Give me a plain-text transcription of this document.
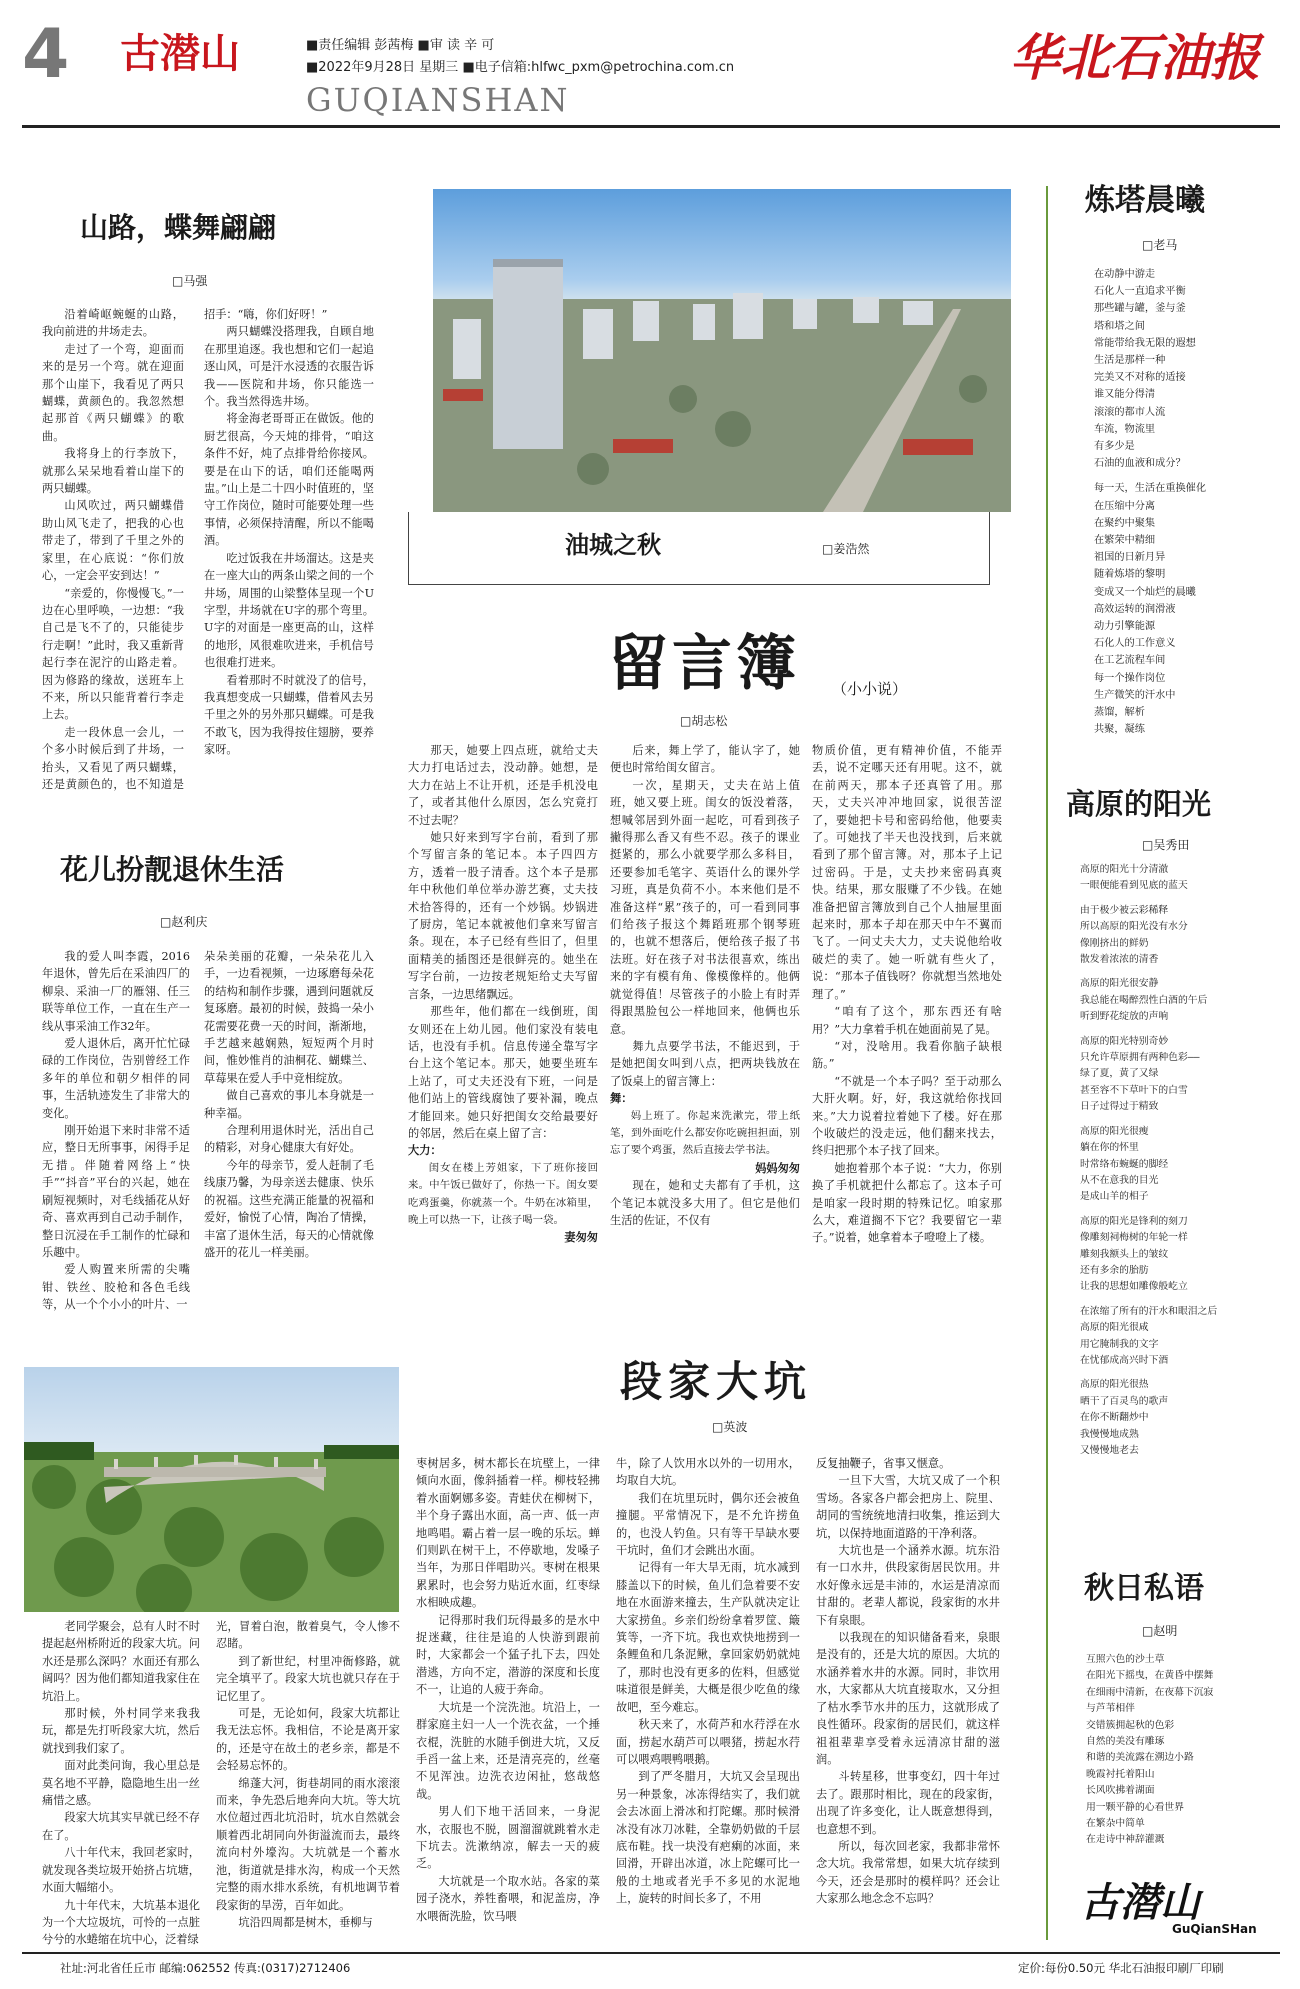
4 古潜山	■责任编辑 彭茜梅 ■审 读 辛 可
■2022年9月28日 星期三 ■电子信箱:hlfwc_pxm@petrochina.com.cn
GUQIANSHAN
华北石油报
山路，蝶舞翩翩
□马强

沿着崎岖蜿蜒的山路，我向前进的井场走去。

走过了一个弯，迎面而来的是另一个弯。就在迎面那个山崖下，我看见了两只蝴蝶，黄颜色的。我忽然想起那首《两只蝴蝶》的歌曲。

我将身上的行李放下，就那么呆呆地看着山崖下的两只蝴蝶。

山风吹过，两只蝴蝶借助山风飞走了，把我的心也带走了，带到了千里之外的家里，在心底说：“你们放心，一定会平安到达！”

“亲爱的，你慢慢飞。”一边在心里呼唤，一边想：“我自己是飞不了的，只能徒步行走啊！”此时，我又重新背起行李在泥泞的山路走着。因为修路的缘故，送班车上不来，所以只能背着行李走上去。

走一段休息一会儿，一个多小时候后到了井场，一抬头，又看见了两只蝴蝶，还是黄颜色的，也不知道是

招手：“嗨，你们好呀！”

两只蝴蝶没搭理我，自顾自地在那里追逐。我也想和它们一起追逐山风，可是汗水浸透的衣服告诉我——医院和井场，你只能选一个。我当然得选井场。

将金海老哥哥正在做饭。他的厨艺很高，今天炖的排骨，“咱这条件不好，炖了点排骨给你接风。要是在山下的话，咱们还能喝两盅。”山上是二十四小时值班的，坚守工作岗位，随时可能要处理一些事情，必须保持清醒，所以不能喝酒。

吃过饭我在井场溜达。这是夹在一座大山的两条山梁之间的一个井场，周围的山梁整体呈现一个U字型，井场就在U字的那个弯里。U字的对面是一座更高的山，这样的地形，风很难吹进来，手机信号也很难打进来。

看着那时不时就没了的信号，我真想变成一只蝴蝶，借着风去另千里之外的另外那只蝴蝶。可是我不敢飞，因为我得按住翅膀，要养家呀。

花儿扮靓退休生活
□赵利庆

我的爱人叫李霞，2016年退休，曾先后在采油四厂的柳泉、采油一厂的雁翎、任三联等单位工作，一直在生产一线从事采油工作32年。

爱人退休后，离开忙忙碌碌的工作岗位，告别曾经工作多年的单位和朝夕相伴的同事，生活轨迹发生了非常大的变化。

刚开始退下来时非常不适应，整日无所事事，闲得手足无措。伴随着网络上“快手”“抖音”平台的兴起，她在刷短视频时，对毛线插花从好奇、喜欢再到自己动手制作，整日沉浸在手工制作的忙碌和乐趣中。

爱人购置来所需的尖嘴钳、铁丝、胶枪和各色毛线等，从一个个小小的叶片、一

朵朵美丽的花瓣，一朵朵花儿入手，一边看视频，一边琢磨每朵花的结构和制作步骤，遇到问题就反复琢磨。最初的时候，鼓捣一朵小花需要花费一天的时间，渐渐地，手艺越来越娴熟，短短两个月时间，惟妙惟肖的油桐花、蝴蝶兰、草莓果在爱人手中竞相绽放。

做自己喜欢的事儿本身就是一种幸福。

合理利用退休时光，活出自己的精彩，对身心健康大有好处。

今年的母亲节，爱人赶制了毛线康乃馨，为母亲送去健康、快乐的祝福。这些充满正能量的祝福和爱好，愉悦了心情，陶冶了情操，丰富了退休生活，每天的心情就像盛开的花儿一样美丽。

油城之秋	□姜浩然
留言簿 （小小说）
□胡志松

那天，她要上四点班，就给丈夫大力打电话过去，没动静。她想，是大力在站上不让开机，还是手机没电了，或者其他什么原因，怎么究竟打不过去呢？

她只好来到写字台前，看到了那个写留言条的笔记本。本子四四方方，透着一股子清香。这个本子是那年中秋他们单位举办游艺赛，丈夫技术拾答得的，还有一个炒锅。炒锅进了厨房，笔记本就被他们拿来写留言条。现在，本子已经有些旧了，但里面精美的插图还是很鲜亮的。她坐在写字台前，一边按老规矩给丈夫写留言条，一边思绪飘远。

那些年，他们都在一线倒班，闺女则还在上幼儿园。他们家没有装电话，也没有手机。信息传递全靠写字台上这个笔记本。那天，她要坐班车上站了，可丈夫还没有下班，一问是他们站上的管线腐蚀了要补漏，晚点才能回来。她只好把闺女交给最要好的邻居，然后在桌上留了言：

大力：

闺女在楼上芳姐家，下了班你接回来。中午饭已做好了，你热一下。闺女要吃鸡蛋羹，你就蒸一个。牛奶在冰箱里，晚上可以热一下，让孩子喝一袋。

妻匆匆

后来，舞上学了，能认字了，她便也时常给闺女留言。

一次，星期天，丈夫在站上值班，她又要上班。闺女的饭没着落，想喊邻居到外面一起吃，可看到孩子撇得那么香又有些不忍。孩子的课业挺紧的，那么小就要学那么多科目，还要参加毛笔字、英语什么的课外学习班，真是负荷不小。本来他们是不准备这样“累”孩子的，可一看到同事们给孩子报这个舞蹈班那个钢琴班的，也就不想落后，便给孩子报了书法班。好在孩子对书法很喜欢，练出来的字有模有角、像模像样的。他俩就觉得值！尽管孩子的小脸上有时弄得跟黑脸包公一样地回来，他俩也乐意。

舞九点要学书法，不能迟到，于是她把闺女叫到八点，把两块钱放在了饭桌上的留言簿上：

舞：

妈上班了。你起来洗漱完，带上纸笔，到外面吃什么都安你吃碗担担面，别忘了要个鸡蛋，然后直接去学书法。

妈妈匆匆

现在，她和丈夫都有了手机，这个笔记本就没多大用了。但它是他们生活的佐证，不仅有

物质价值，更有精神价值，不能弄丢，说不定哪天还有用呢。这不，就在前两天，那本子还真管了用。那天，丈夫兴冲冲地回家，说很苦涩了，要她把卡号和密码给他，他要卖了。可她找了半天也没找到，后来就看到了那个留言簿。对，那本子上记过密码。于是，丈夫抄来密码真爽快。结果，那女服赚了不少钱。在她准备把留言簿放到自己个人抽屉里面起来时，那本子却在那天中午不翼而飞了。一问丈夫大力，丈夫说他给收破烂的卖了。她一听就有些火了，说：“那本子值钱呀？你就想当然地处理了。”

“咱有了这个，那东西还有啥用？”大力拿着手机在她面前晃了晃。

“对，没啥用。我看你脑子缺根筋。”

“不就是一个本子吗？至于动那么大肝火啊。好，好，我这就给你找回来。”大力说着拉着她下了楼。好在那个收破烂的没走远，他们翻来找去，终归把那个本子找了回来。

她抱着那个本子说：“大力，你别换了手机就把什么都忘了。这本子可是咱家一段时期的特殊记忆。咱家那么大，难道搁不下它？我要留它一辈子。”说着，她拿着本子噔噔上了楼。

段家大坑
□英波

老同学聚会，总有人时不时提起赵州桥附近的段家大坑。问水还是那么深吗？水面还有那么阔吗？因为他们都知道我家住在坑沿上。

那时候，外村同学来我我玩，都是先打听段家大坑，然后就找到我们家了。

面对此类问询，我心里总是莫名地不平静，隐隐地生出一丝痛惜之感。

段家大坑其实早就已经不存在了。

八十年代末，我回老家时，就发现各类垃圾开始挤占坑塘，水面大幅缩小。

九十年代末，大坑基本退化为一个大垃圾坑，可怜的一点脏兮兮的水蜷缩在坑中心，泛着绿

光，冒着白泡，散着臭气，令人惨不忍睹。

到了新世纪，村里冲衙修路，就完全填平了。段家大坑也就只存在于记忆里了。

可是，无论如何，段家大坑都让我无法忘怀。我相信，不论是离开家的，还是守在故土的老乡亲，都是不会轻易忘怀的。

绵蓬大河，街巷胡同的雨水滚滚而来，争先恐后地奔向大坑。等大坑水位超过西北坑沿时，坑水自然就会顺着西北胡同向外街溢流而去，最终流向村外壕沟。大坑就是一个蓄水池，街道就是排水沟，构成一个天然完整的雨水排水系统，有机地调节着段家街的旱涝，百年如此。

坑沿四周都是树木，垂柳与

枣树居多，树木都长在坑壁上，一律倾向水面，像斜插着一样。柳枝轻拂着水面婀娜多姿。青蛙伏在柳树下，半个身子露出水面，高一声、低一声地鸣唱。霸占着一层一晚的乐坛。蝉们则趴在树干上，不停歇地，发嗓子当年，为那日伴唱助兴。枣树在根果累累时，也会努力贴近水面，红枣绿水相映成趣。

记得那时我们玩得最多的是水中捉迷藏，往往是追的人快游到跟前时，大家都会一个猛子扎下去，四处潜逃，方向不定，潜游的深度和长度不一，让追的人疲于奔命。

大坑是一个浣洗池。坑沿上，一群家庭主妇一人一个洗衣盆，一个捶衣棍，洗脏的水随手倒进大坑，又反手舀一盆上来，还是清亮亮的，丝毫不见浑浊。边洗衣边闲扯，悠哉悠哉。

男人们下地干活回来，一身泥水，衣服也不脱，圆溜溜就跳着水走下坑去。洗漱纳凉，解去一天的疲乏。

大坑就是一个取水站。各家的菜园子浇水，养牲畜喂，和泥盖房，净水喂衙洗脸，饮马喂

牛，除了人饮用水以外的一切用水，均取自大坑。

我们在坑里玩时，偶尔还会被鱼撞腿。平常情况下，是不允许捞鱼的，也没人钓鱼。只有等干旱缺水要干坑时，鱼们才会跳出水面。

记得有一年大旱无雨，坑水减到膝盖以下的时候，鱼儿们急着要不安地在水面游来撞去，生产队就决定让大家捞鱼。乡亲们纷纷拿着罗筐、簸箕等，一齐下坑。我也欢快地捞到一条鲤鱼和几条泥鳅，拿回家奶奶就炖了，那时也没有更多的佐料，但感觉味道很是鲜美，大概是很少吃鱼的缘故吧，至今难忘。

秋天来了，水荷芦和水荇浮在水面，捞起水葫芦可以喂猪，捞起水荇可以喂鸡喂鸭喂鹅。

到了严冬腊月，大坑又会呈现出另一种景象，冰冻得结实了，我们就会去冰面上滑冰和打陀螺。那时候滑冰没有冰刀冰鞋，全靠奶奶做的千层底布鞋。找一块没有疤瘌的冰面，来回滑，开辟出冰道，冰上陀螺可比一般的土地或者光手不多见的水泥地上，旋转的时间长多了，不用

反复抽鞭子，省事又惬意。

一旦下大雪，大坑又成了一个积雪场。各家各户都会把房上、院里、胡同的雪统统地清扫收集，推运到大坑，以保持地面道路的干净利落。

大坑也是一个涵养水源。坑东沿有一口水井，供段家街居民饮用。井水好像永远是丰沛的，水运是清凉而甘甜的。老辈人都说，段家街的水井下有泉眼。

以我现在的知识储备看来，泉眼是没有的，还是大坑的原因。大坑的水涵养着水井的水源。同时，非饮用水，大家都从大坑直接取水，又分担了枯水季节水井的压力，这就形成了良性循环。段家街的居民们，就这样祖祖辈辈享受着永远清凉甘甜的滋润。

斗转星移，世事变幻，四十年过去了。跟那时相比，现在的段家街，出现了许多变化，让人既意想得到，也意想不到。

所以，每次回老家，我都非常怀念大坑。我常常想，如果大坑存续到今天，还会是那时的模样吗？还会让大家那么地念念不忘吗？

炼塔晨曦
□老马
在动静中游走
石化人一直追求平衡
那些罐与罐，釜与釜
塔和塔之间
常能带给我无限的遐想
生活是那样一种
完美又不对称的适接
谁又能分得清
滚滚的都市人流
车流，物流里
有多少是
石油的血液和成分？
每一天，生活在重换催化
在压缩中分离
在聚约中聚集
在繁荣中精细
祖国的日新月异
随着炼塔的黎明
变成又一个灿烂的晨曦
高效运转的润滑液
动力引擎能源
石化人的工作意义
在工艺流程车间
每一个操作岗位
生产微笑的汗水中
蒸馏，解析
共聚，凝练
高原的阳光
□吴秀田
高原的阳光十分清澈
一眼便能看到见底的蓝天
由于极少被云彩稀释
所以高原的阳光没有水分
像刚挤出的鲜奶
散发着浓浓的清香
高原的阳光很安静
我总能在喝醉烈性白酒的午后
听到野花绽放的声响
高原的阳光特别奇妙
只允许草原拥有两种色彩——
绿了夏，黄了又绿
甚至容不下草叶下的白雪
日子过得过于精致
高原的阳光很瘦
躺在你的怀里
时常络布蜿蜒的脚经
从不在意我的目光
是成山羊的相子
高原的阳光是锋利的刻刀
像雕刻祠梅树的年轮一样
雕刻我额头上的皱纹
还有多余的胎肪
让我的思想如雕像般屹立
在浓缩了所有的汗水和眼泪之后
高原的阳光很咸
用它腌制我的文字
在忧郁成高兴时下酒
高原的阳光很热
晒干了百灵鸟的歌声
在你不断翻炒中
我慢慢地成熟
又慢慢地老去
秋日私语
□赵明
互照六色的沙土草
在阳光下摇曳，在黄昏中摆舞
在细雨中清新，在夜幕下沉寂
与芦苇相伴
交错簇拥起秋的色彩
自然的美没有雕琢
和谐的美流露在溯边小路
晚霞衬托着阳山
长风吹拂着湖面
用一颗平静的心看世界
在繁杂中简单
在走诗中神辞灌溉
古潜山
GuQianSHan
社址:河北省任丘市 邮编:062552 传真:(0317)2712406	定价:每份0.50元 华北石油报印刷厂印刷
